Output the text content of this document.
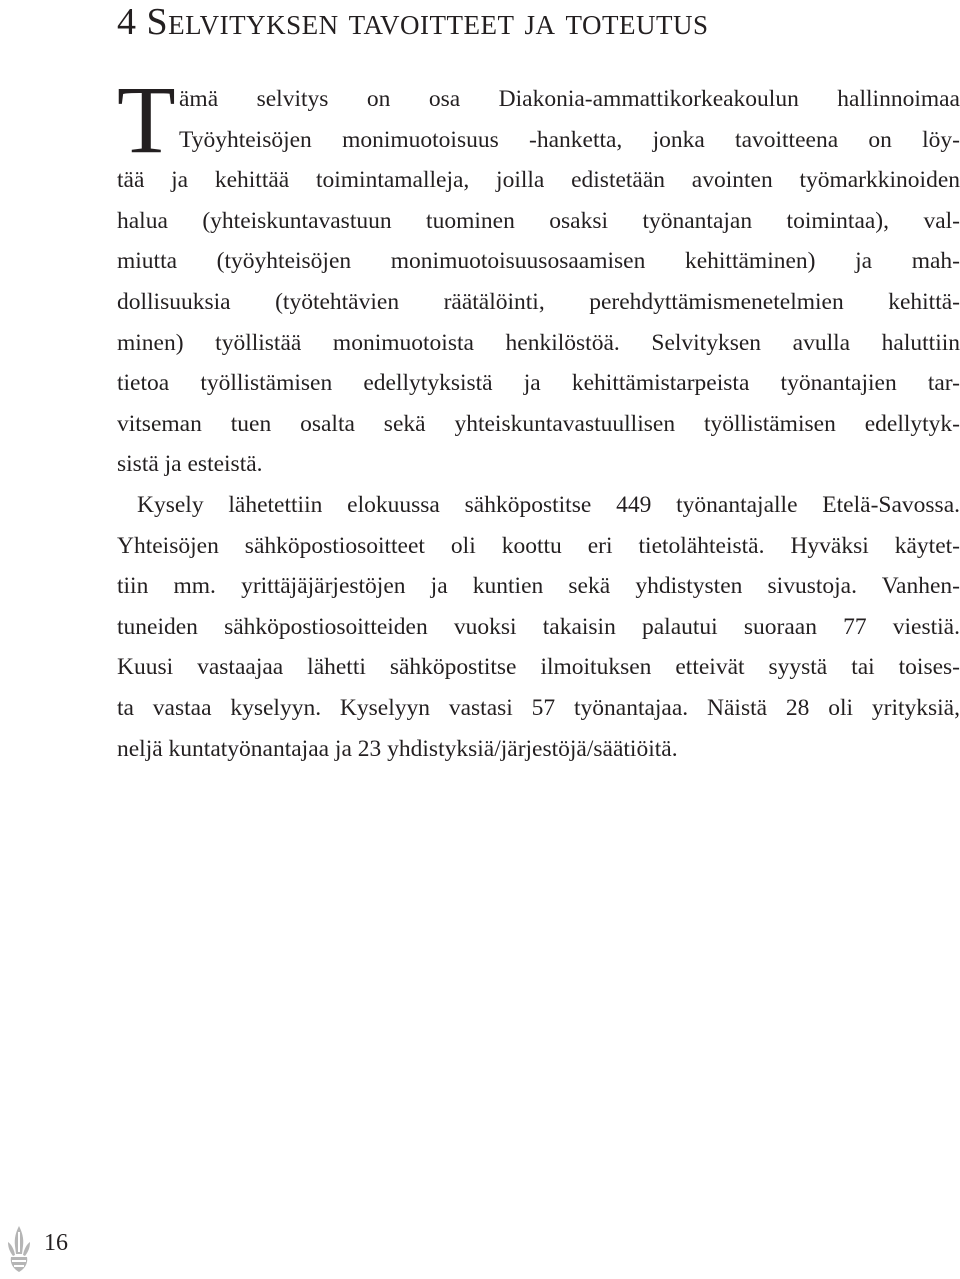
4 Selvityksen tavoitteet ja toteutus
T ämä selvitys on osa Diakonia-ammattikorkeakoulun hallinnoimaa
Työyhteisöjen monimuotoisuus -hanketta, jonka tavoitteena on löy-
tää ja kehittää toimintamalleja, joilla edistetään avointen työmarkkinoiden
halua (yhteiskuntavastuun tuominen osaksi työnantajan toimintaa), val-
miutta (työyhteisöjen monimuotoisuusosaamisen kehittäminen) ja mah-
dollisuuksia (työtehtävien räätälöinti, perehdyttämismenetelmien kehittä-
minen) työllistää monimuotoista henkilöstöä. Selvityksen avulla haluttiin
tietoa työllistämisen edellytyksistä ja kehittämistarpeista työnantajien tar-
vitseman tuen osalta sekä yhteiskuntavastuullisen työllistämisen edellytyk-
sistä ja esteistä.
Kysely lähetettiin elokuussa sähköpostitse 449 työnantajalle Etelä-Savossa.
Yhteisöjen sähköpostiosoitteet oli koottu eri tietolähteistä. Hyväksi käytet-
tiin mm. yrittäjäjärjestöjen ja kuntien sekä yhdistysten sivustoja. Vanhen-
tuneiden sähköpostiosoitteiden vuoksi takaisin palautui suoraan 77 viestiä.
Kuusi vastaajaa lähetti sähköpostitse ilmoituksen etteivät syystä tai toises-
ta vastaa kyselyyn. Kyselyyn vastasi 57 työnantajaa. Näistä 28 oli yrityksiä,
neljä kuntatyönantajaa ja 23 yhdistyksiä/järjestöjä/säätiöitä.
16
